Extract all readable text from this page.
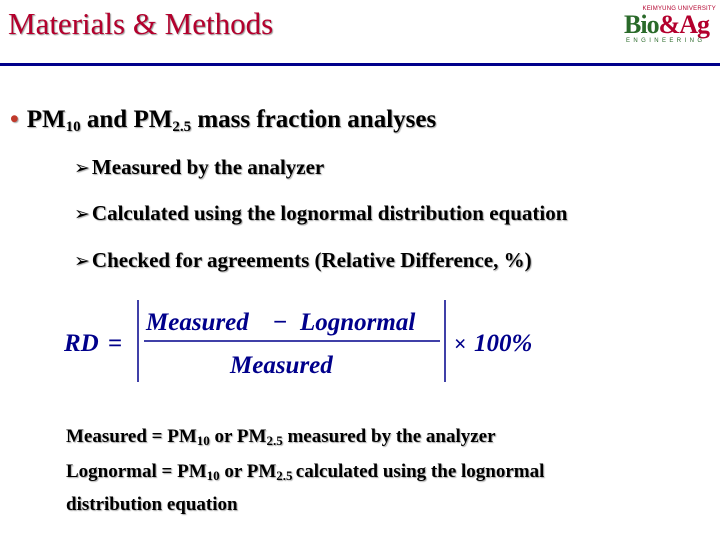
Materials & Methods	KEIMYUNG UNIVERSITY
Bio&Ag
ENGINEERING
• $PM_{10}$ and $PM_{2.5}$ mass fraction analyses
➢Measured by the analyzer
➢Calculated using the lognormal distribution equation
➢Checked for agreements (Relative Difference, %)
RD =
Measured − Lognormal
Measured
× 100%
Measured = $PM_{10}$ or $PM_{2.5}$ measured by the analyzer
Lognormal = $PM_{10}$ or $PM_{2.5}$ calculated using the lognormal
distribution equation
